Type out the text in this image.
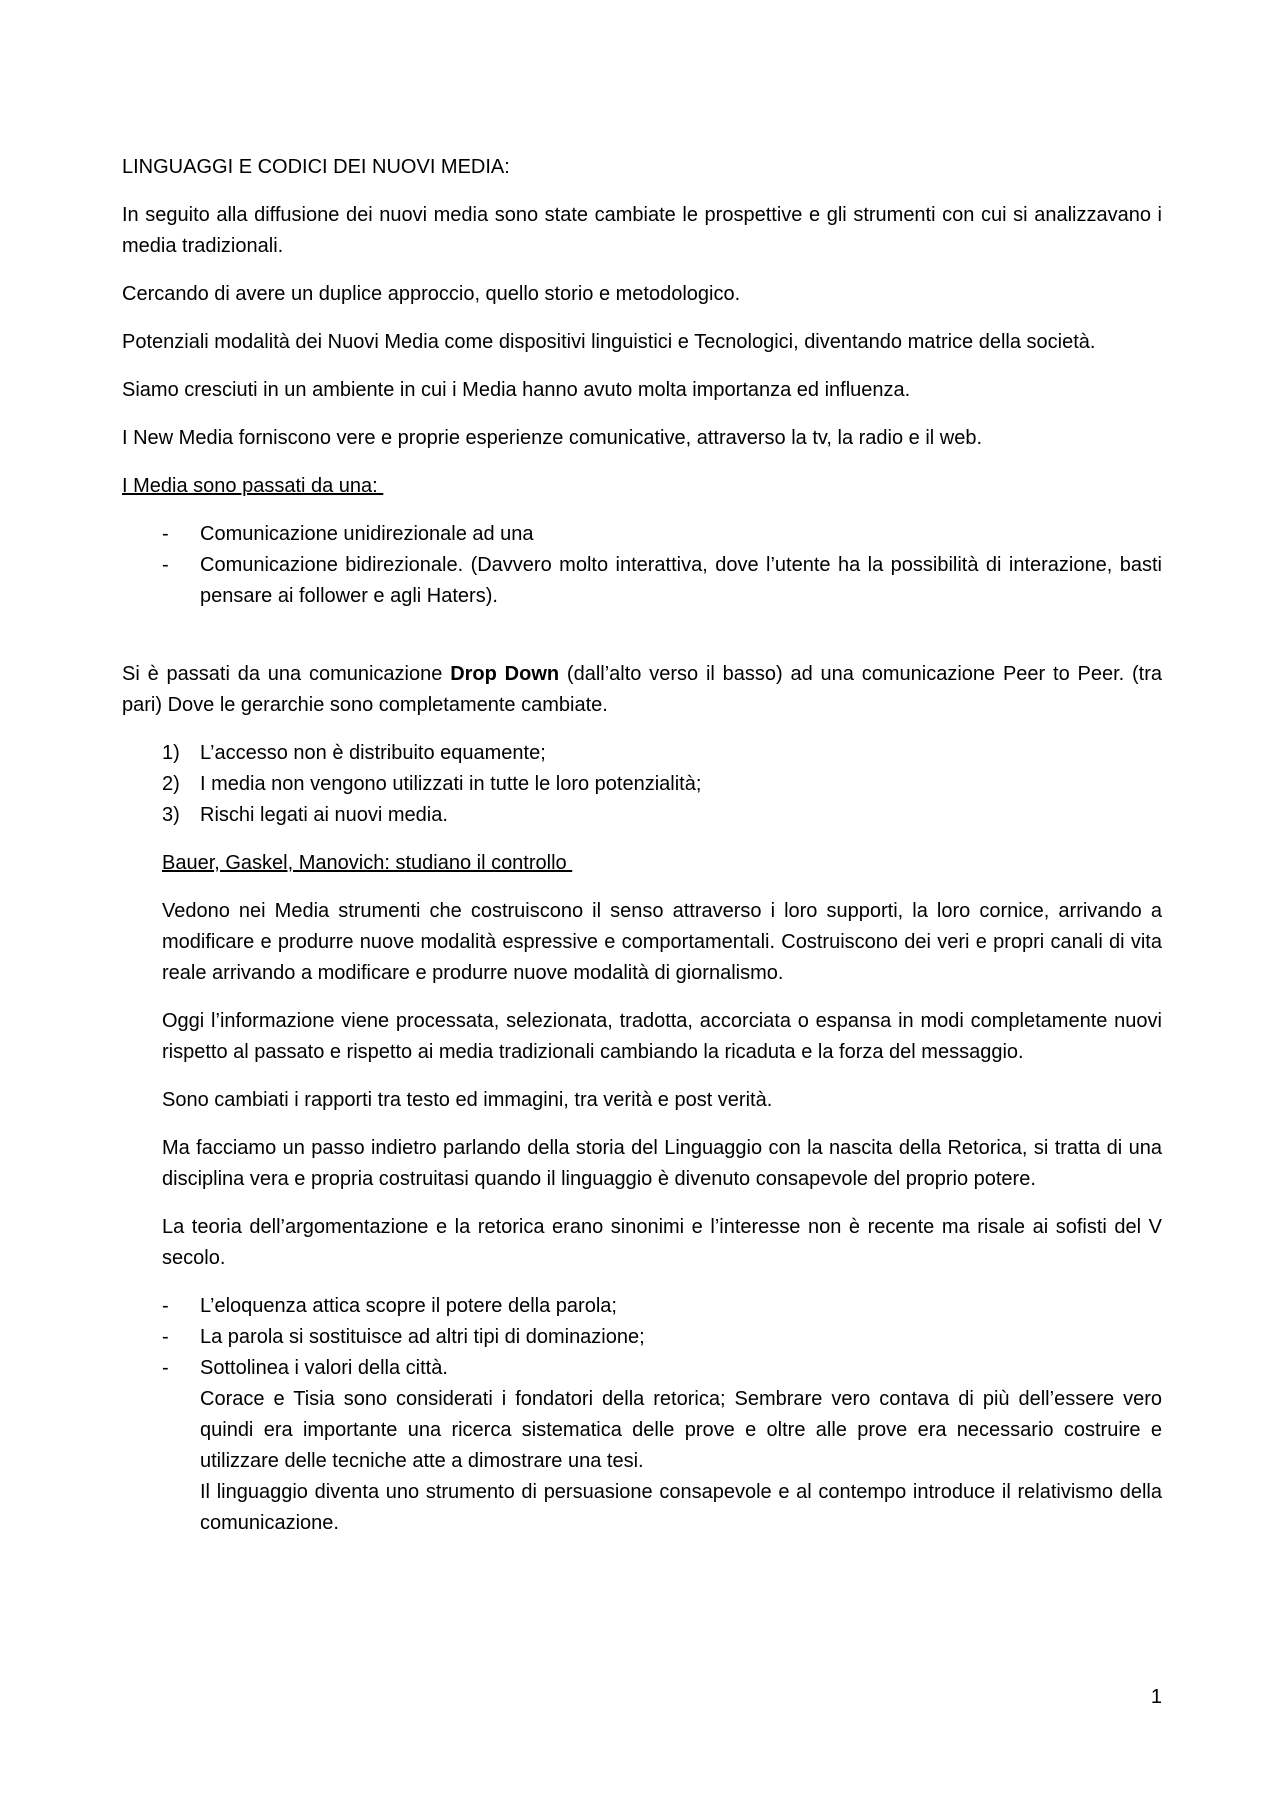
LINGUAGGI E CODICI DEI NUOVI MEDIA:

In seguito alla diffusione dei nuovi media sono state cambiate le prospettive e gli strumenti con cui si analizzavano i media tradizionali.

Cercando di avere un duplice approccio, quello storio e metodologico.

Potenziali modalità dei Nuovi Media come dispositivi linguistici e Tecnologici, diventando matrice della società.

Siamo cresciuti in un ambiente in cui i Media hanno avuto molta importanza ed influenza.

I New Media forniscono vere e proprie esperienze comunicative, attraverso la tv, la radio e il web.

I Media sono passati da una:

- Comunicazione unidirezionale ad una
- Comunicazione bidirezionale. (Davvero molto interattiva, dove l’utente ha la possibilità di interazione, basti pensare ai follower e agli Haters).

Si è passati da una comunicazione Drop Down (dall’alto verso il basso) ad una comunicazione Peer to Peer. (tra pari) Dove le gerarchie sono completamente cambiate.

1) L’accesso non è distribuito equamente;
2) I media non vengono utilizzati in tutte le loro potenzialità;
3) Rischi legati ai nuovi media.

Bauer, Gaskel, Manovich: studiano il controllo

Vedono nei Media strumenti che costruiscono il senso attraverso i loro supporti, la loro cornice, arrivando a modificare e produrre nuove modalità espressive e comportamentali. Costruiscono dei veri e propri canali di vita reale arrivando a modificare e produrre nuove modalità di giornalismo.

Oggi l’informazione viene processata, selezionata, tradotta, accorciata o espansa in modi completamente nuovi rispetto al passato e rispetto ai media tradizionali cambiando la ricaduta e la forza del messaggio.

Sono cambiati i rapporti tra testo ed immagini, tra verità e post verità.

Ma facciamo un passo indietro parlando della storia del Linguaggio con la nascita della Retorica, si tratta di una disciplina vera e propria costruitasi quando il linguaggio è divenuto consapevole del proprio potere.

La teoria dell’argomentazione e la retorica erano sinonimi e l’interesse non è recente ma risale ai sofisti del V secolo.

- L’eloquenza attica scopre il potere della parola;
- La parola si sostituisce ad altri tipi di dominazione;
- Sottolinea i valori della città.
Corace e Tisia sono considerati i fondatori della retorica; Sembrare vero contava di più dell’essere vero quindi era importante una ricerca sistematica delle prove e oltre alle prove era necessario costruire e utilizzare delle tecniche atte a dimostrare una tesi.
Il linguaggio diventa uno strumento di persuasione consapevole e al contempo introduce il relativismo della comunicazione.
1
